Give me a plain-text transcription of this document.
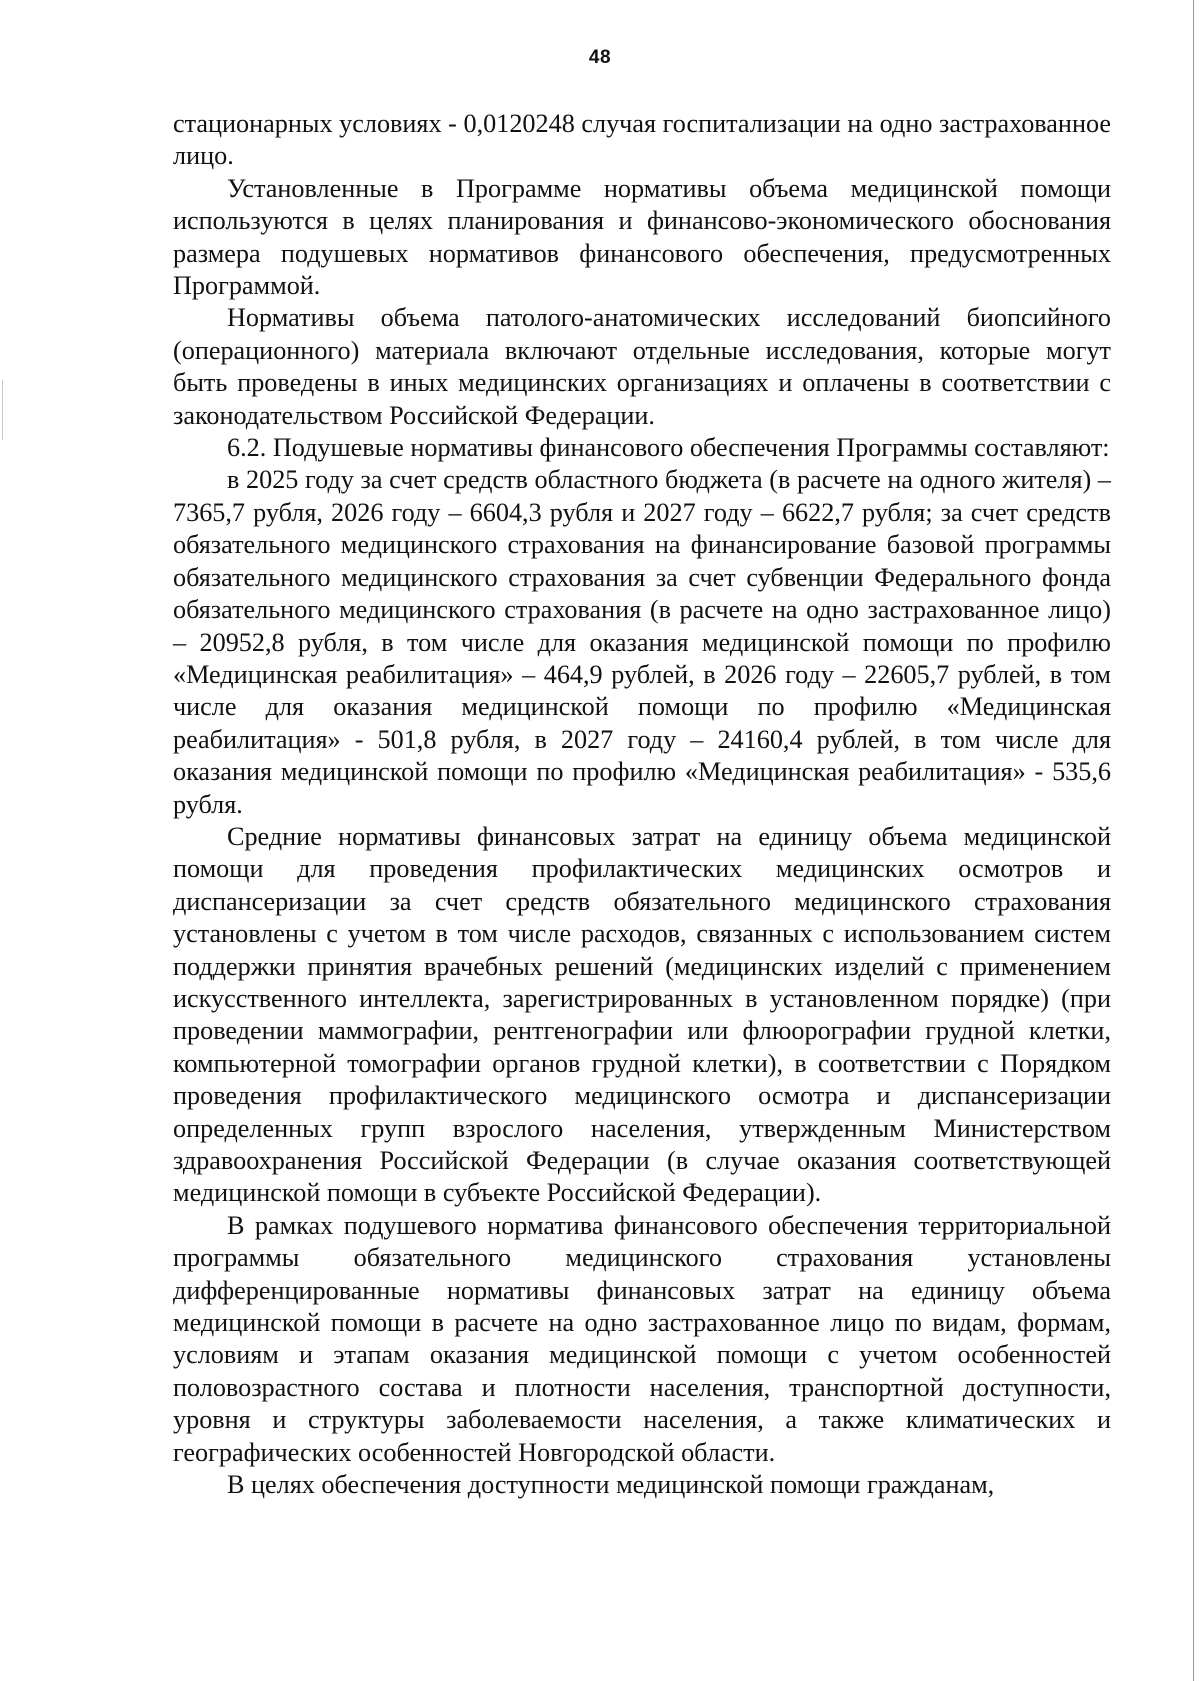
48

стационарных условиях - 0,0120248 случая госпитализации на одно застрахованное лицо.

Установленные в Программе нормативы объема медицинской помощи используются в целях планирования и финансово-экономического обоснования размера подушевых нормативов финансового обеспечения, предусмотренных Программой.

Нормативы объема патолого-анатомических исследований биопсийного (операционного) материала включают отдельные исследования, которые могут быть проведены в иных медицинских организациях и оплачены в соответствии с законодательством Российской Федерации.

6.2. Подушевые нормативы финансового обеспечения Программы составляют:

в 2025 году за счет средств областного бюджета (в расчете на одного жителя) – 7365,7 рубля, 2026 году – 6604,3 рубля и 2027 году – 6622,7 рубля; за счет средств обязательного медицинского страхования на финансирование базовой программы обязательного медицинского страхования за счет субвенции Федерального фонда обязательного медицинского страхования (в расчете на одно застрахованное лицо) – 20952,8 рубля, в том числе для оказания медицинской помощи по профилю «Медицинская реабилитация» – 464,9 рублей, в 2026 году – 22605,7 рублей, в том числе для оказания медицинской помощи по профилю «Медицинская реабилитация» - 501,8 рубля, в 2027 году – 24160,4 рублей, в том числе для оказания медицинской помощи по профилю «Медицинская реабилитация» - 535,6 рубля.

Средние нормативы финансовых затрат на единицу объема медицинской помощи для проведения профилактических медицинских осмотров и диспансеризации за счет средств обязательного медицинского страхования установлены с учетом в том числе расходов, связанных с использованием систем поддержки принятия врачебных решений (медицинских изделий с применением искусственного интеллекта, зарегистрированных в установленном порядке) (при проведении маммографии, рентгенографии или флюорографии грудной клетки, компьютерной томографии органов грудной клетки), в соответствии с Порядком проведения профилактического медицинского осмотра и диспансеризации определенных групп взрослого населения, утвержденным Министерством здравоохранения Российской Федерации (в случае оказания соответствующей медицинской помощи в субъекте Российской Федерации).

В рамках подушевого норматива финансового обеспечения территориальной программы обязательного медицинского страхования установлены дифференцированные нормативы финансовых затрат на единицу объема медицинской помощи в расчете на одно застрахованное лицо по видам, формам, условиям и этапам оказания медицинской помощи с учетом особенностей половозрастного состава и плотности населения, транспортной доступности, уровня и структуры заболеваемости населения, а также климатических и географических особенностей Новгородской области.

В целях обеспечения доступности медицинской помощи гражданам,
